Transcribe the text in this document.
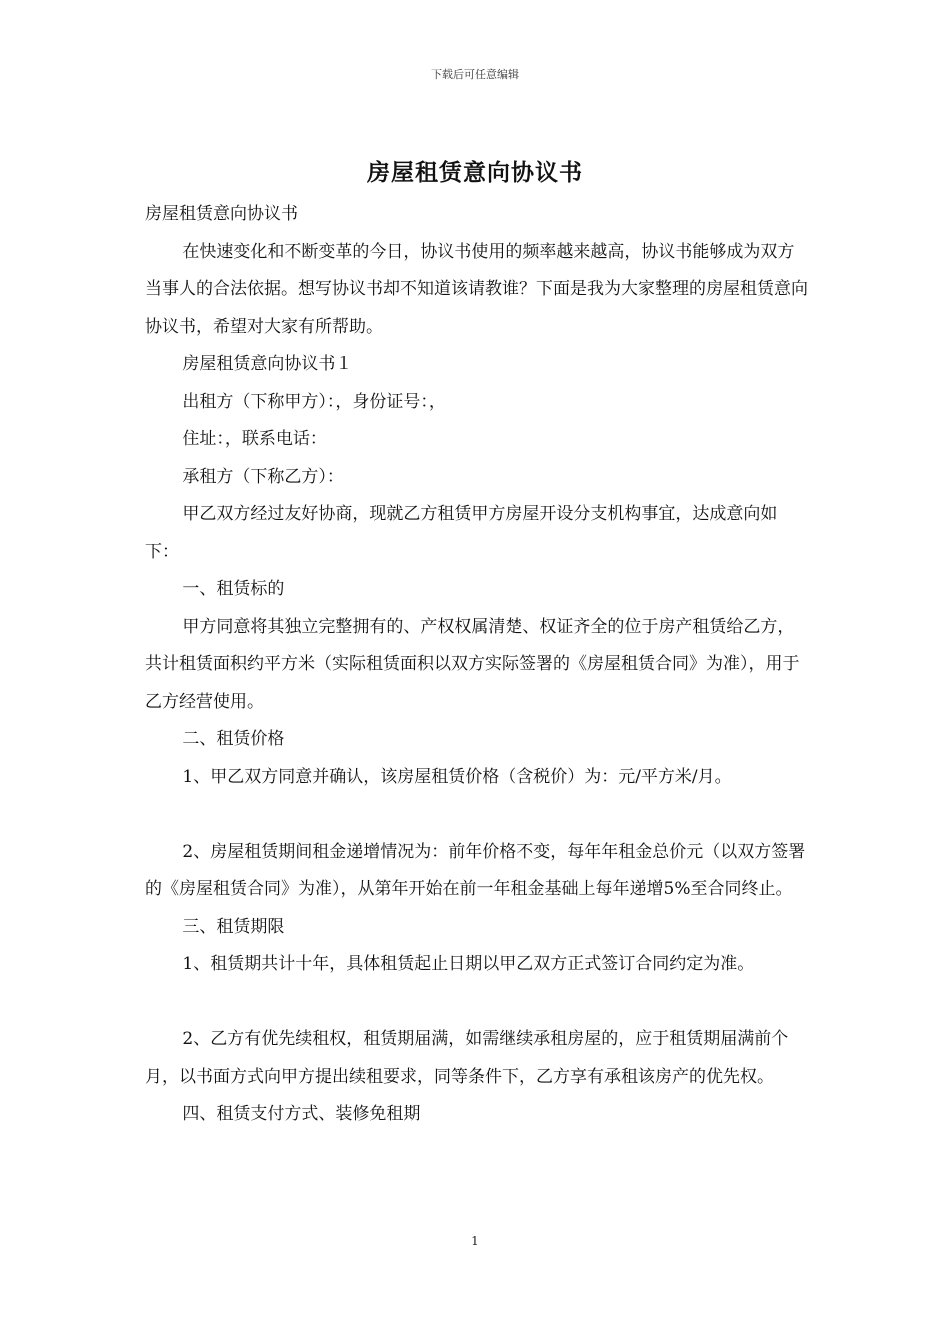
下载后可任意编辑
房屋租赁意向协议书

房屋租赁意向协议书

在快速变化和不断变革的今日，协议书使用的频率越来越高，协议书能够成为双方当事人的合法依据。想写协议书却不知道该请教谁？下面是我为大家整理的房屋租赁意向协议书，希望对大家有所帮助。

房屋租赁意向协议书１

出租方（下称甲方）：，身份证号：，

住址：，联系电话：

承租方（下称乙方）：

甲乙双方经过友好协商，现就乙方租赁甲方房屋开设分支机构事宜，达成意向如下：

一、租赁标的

甲方同意将其独立完整拥有的、产权权属清楚、权证齐全的位于房产租赁给乙方，共计租赁面积约平方米（实际租赁面积以双方实际签署的《房屋租赁合同》为准），用于乙方经营使用。

二、租赁价格

1、甲乙双方同意并确认，该房屋租赁价格（含税价）为：元/平方米/月。

2、房屋租赁期间租金递增情况为：前年价格不变，每年年租金总价元（以双方签署的《房屋租赁合同》为准），从第年开始在前一年租金基础上每年递增5%至合同终止。

三、租赁期限

1、租赁期共计十年，具体租赁起止日期以甲乙双方正式签订合同约定为准。

2、乙方有优先续租权，租赁期届满，如需继续承租房屋的，应于租赁期届满前个月，以书面方式向甲方提出续租要求，同等条件下，乙方享有承租该房产的优先权。

四、租赁支付方式、装修免租期

1
